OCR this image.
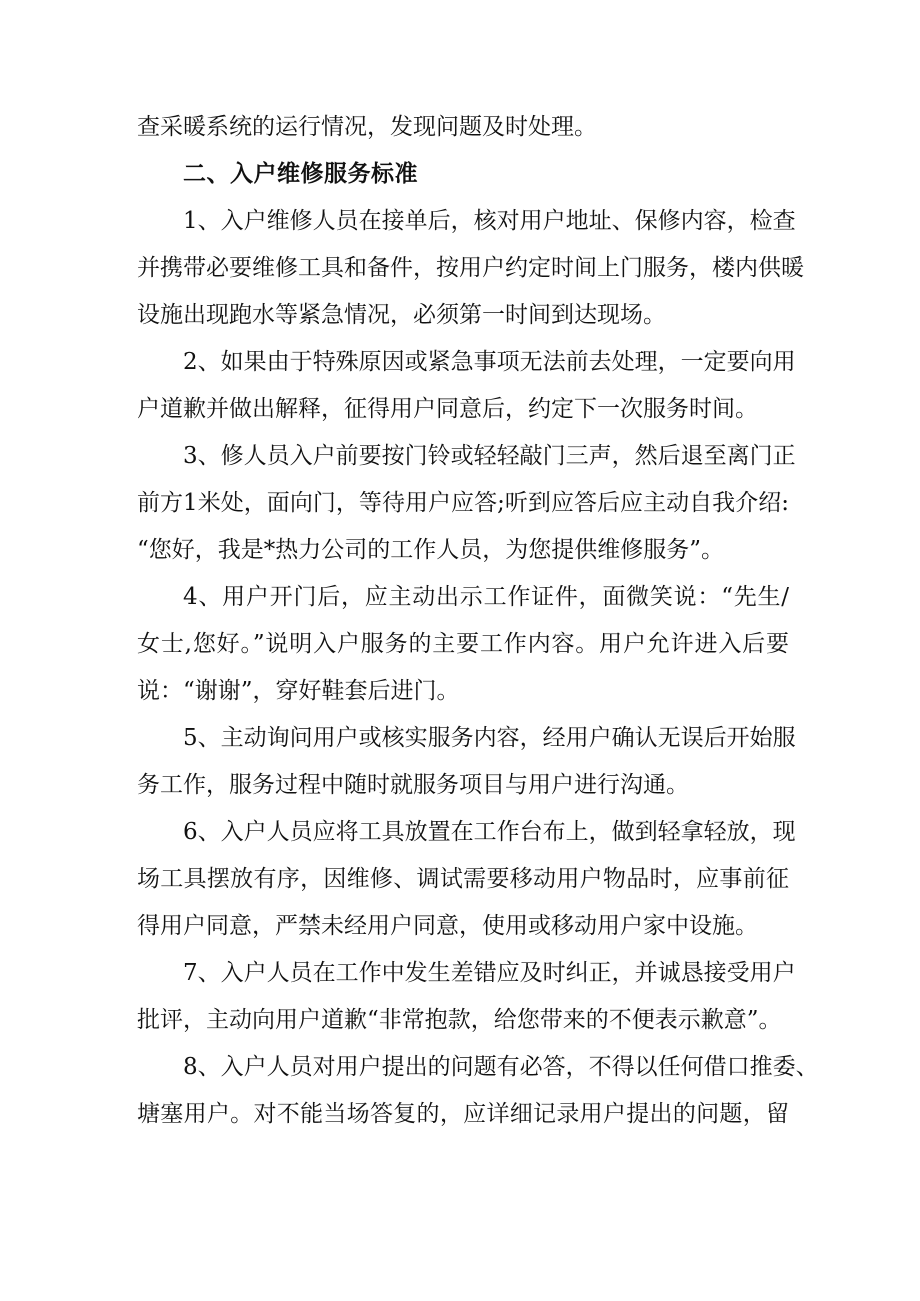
查采暖系统的运行情况，发现问题及时处理。
二、入户维修服务标准
1、入户维修人员在接单后，核对用户地址、保修内容，检查
并携带必要维修工具和备件，按用户约定时间上门服务，楼内供暖
设施出现跑水等紧急情况，必须第一时间到达现场。
2、如果由于特殊原因或紧急事项无法前去处理，一定要向用
户道歉并做出解释，征得用户同意后，约定下一次服务时间。
3、修人员入户前要按门铃或轻轻敲门三声，然后退至离门正
前方1米处，面向门，等待用户应答;听到应答后应主动自我介绍:
“您好，我是*热力公司的工作人员，为您提供维修服务”。
4、用户开门后，应主动出示工作证件，面微笑说：“先生/
女士,您好。”说明入户服务的主要工作内容。用户允许进入后要
说：“谢谢”，穿好鞋套后进门。
5、主动询问用户或核实服务内容，经用户确认无误后开始服
务工作，服务过程中随时就服务项目与用户进行沟通。
6、入户人员应将工具放置在工作台布上，做到轻拿轻放，现
场工具摆放有序，因维修、调试需要移动用户物品时，应事前征
得用户同意，严禁未经用户同意，使用或移动用户家中设施。
7、入户人员在工作中发生差错应及时纠正，并诚恳接受用户
批评，主动向用户道歉“非常抱款，给您带来的不便表示歉意”。
8、入户人员对用户提出的问题有必答，不得以任何借口推委、
塘塞用户。对不能当场答复的，应详细记录用户提出的问题，留
